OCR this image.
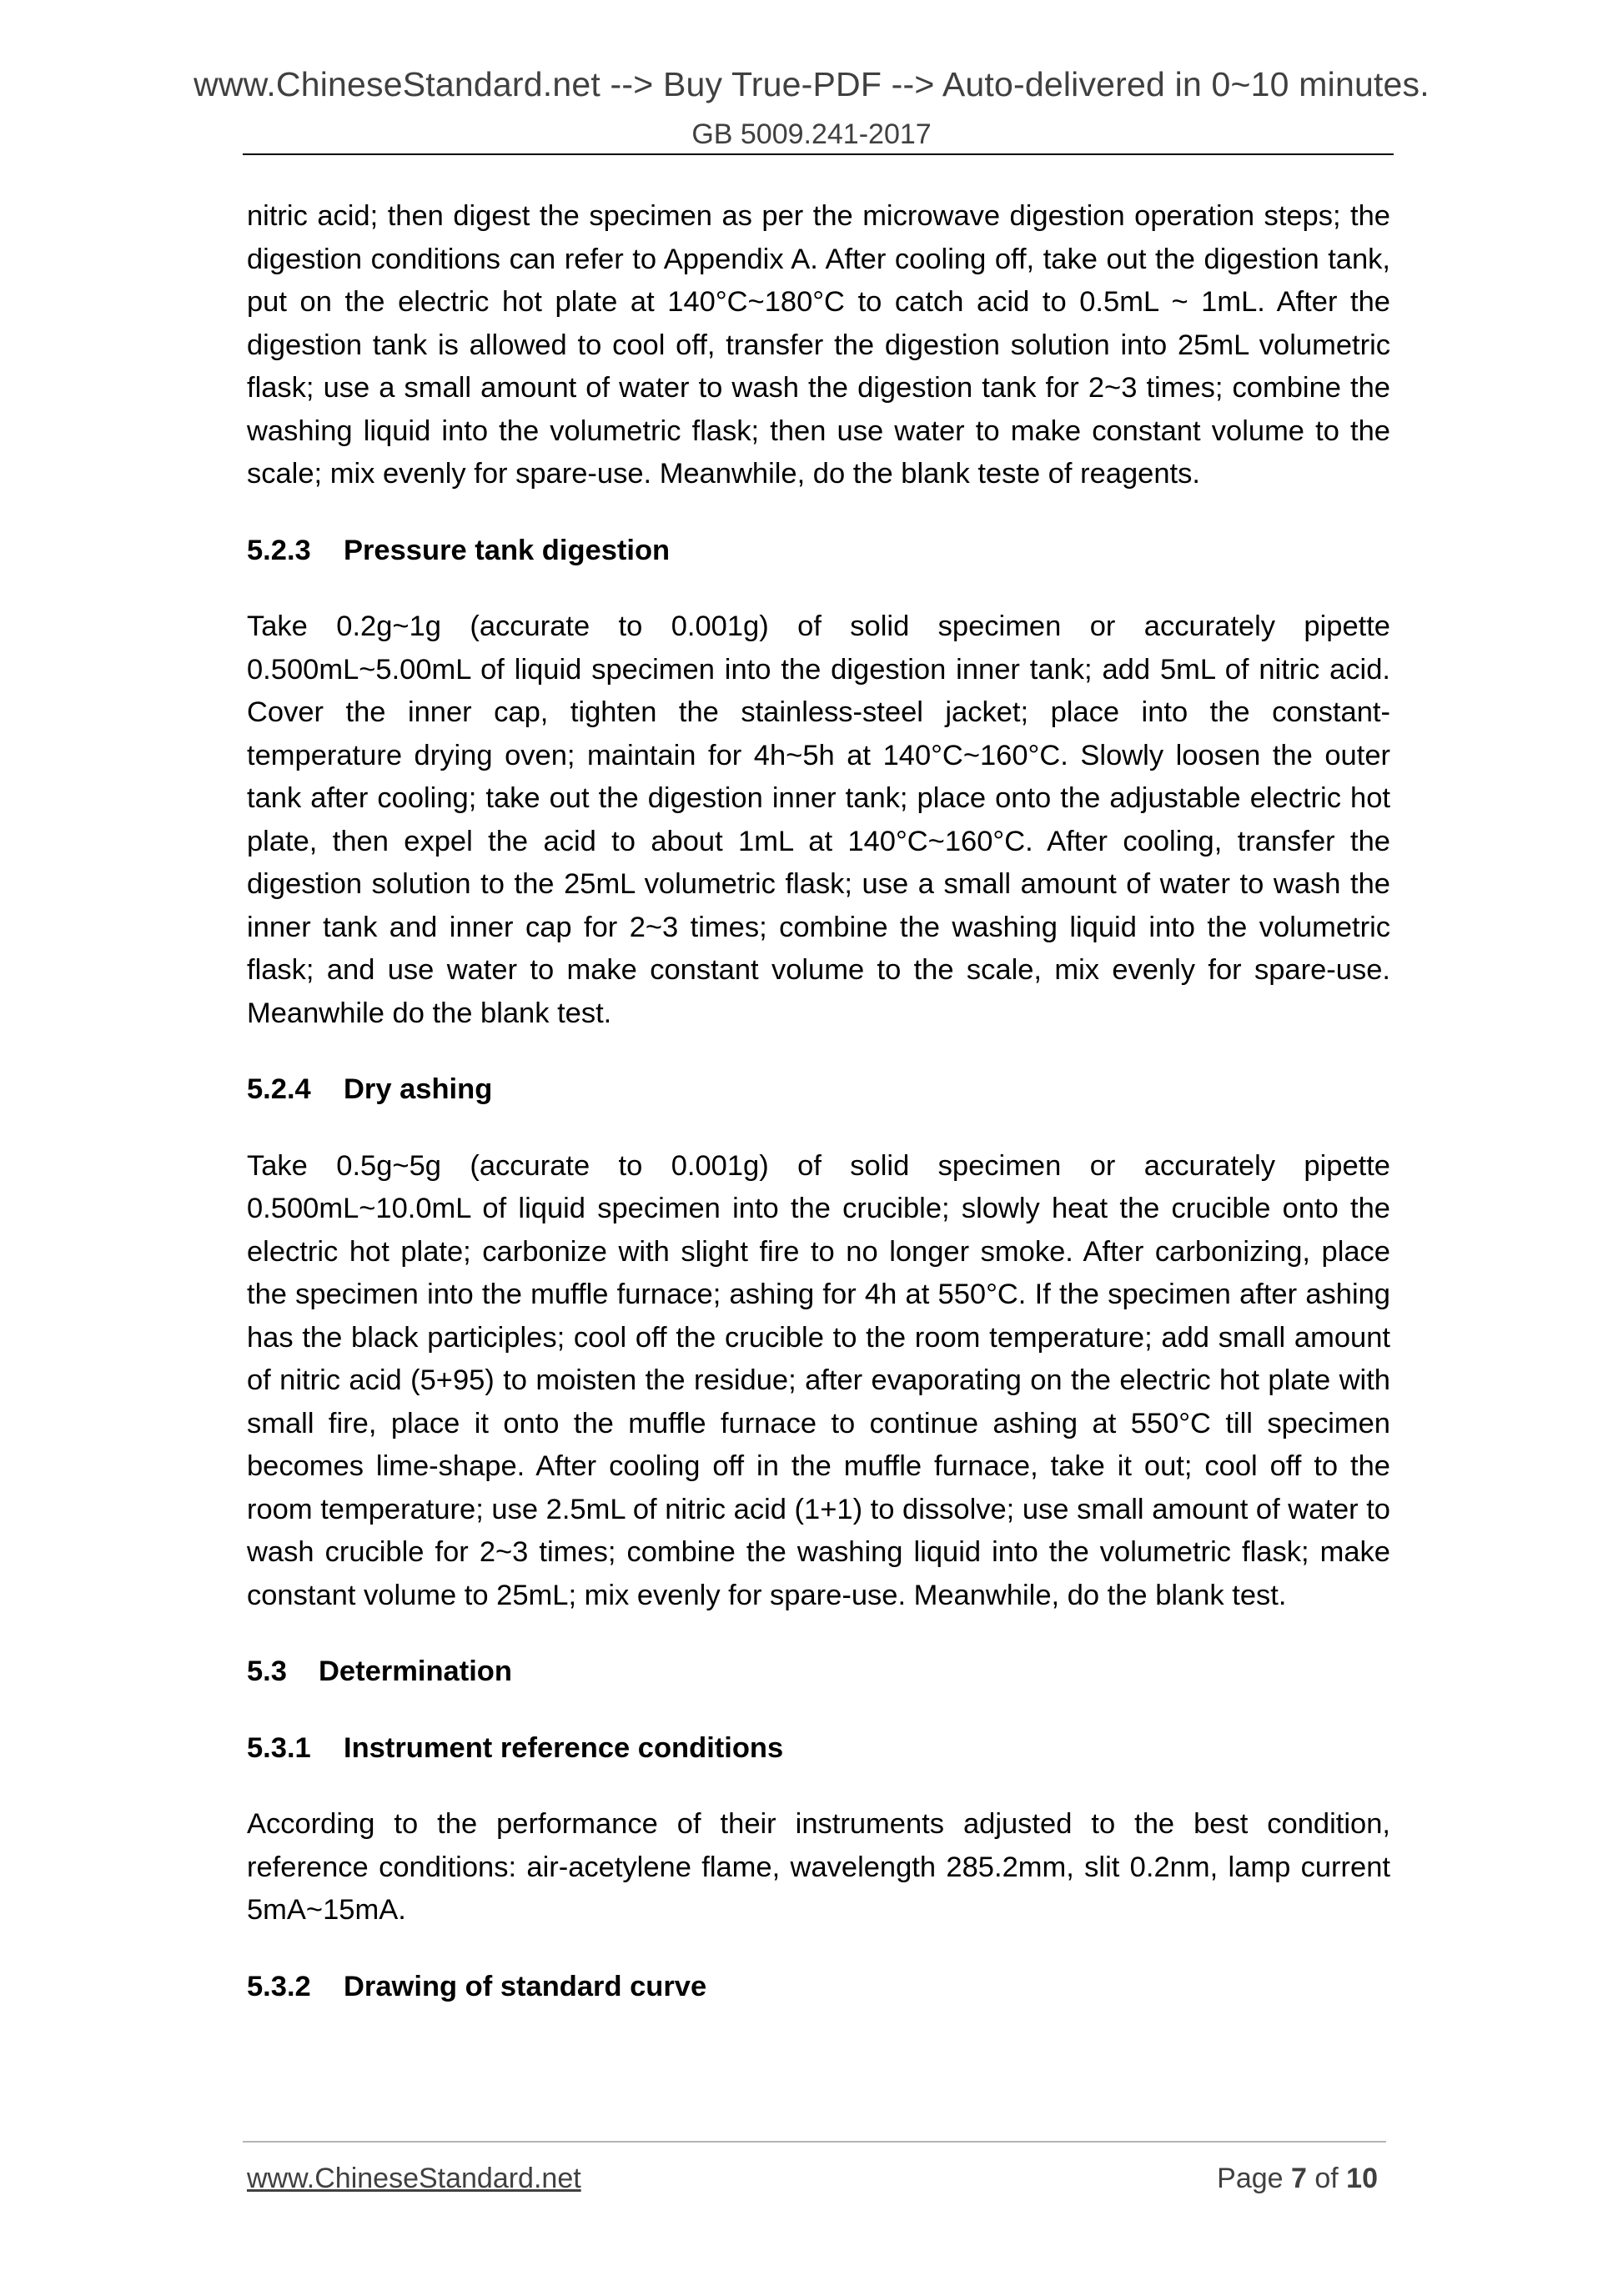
www.ChineseStandard.net --> Buy True-PDF --> Auto-delivered in 0~10 minutes.
GB 5009.241-2017

nitric acid; then digest the specimen as per the microwave digestion operation steps; the digestion conditions can refer to Appendix A. After cooling off, take out the digestion tank, put on the electric hot plate at 140°C~180°C to catch acid to 0.5mL ~ 1mL. After the digestion tank is allowed to cool off, transfer the digestion solution into 25mL volumetric flask; use a small amount of water to wash the digestion tank for 2~3 times; combine the washing liquid into the volumetric flask; then use water to make constant volume to the scale; mix evenly for spare-use. Meanwhile, do the blank teste of reagents.

5.2.3 Pressure tank digestion

Take 0.2g~1g (accurate to 0.001g) of solid specimen or accurately pipette 0.500mL~5.00mL of liquid specimen into the digestion inner tank; add 5mL of nitric acid. Cover the inner cap, tighten the stainless-steel jacket; place into the constant-temperature drying oven; maintain for 4h~5h at 140°C~160°C. Slowly loosen the outer tank after cooling; take out the digestion inner tank; place onto the adjustable electric hot plate, then expel the acid to about 1mL at 140°C~160°C. After cooling, transfer the digestion solution to the 25mL volumetric flask; use a small amount of water to wash the inner tank and inner cap for 2~3 times; combine the washing liquid into the volumetric flask; and use water to make constant volume to the scale, mix evenly for spare-use. Meanwhile do the blank test.

5.2.4 Dry ashing

Take 0.5g~5g (accurate to 0.001g) of solid specimen or accurately pipette 0.500mL~10.0mL of liquid specimen into the crucible; slowly heat the crucible onto the electric hot plate; carbonize with slight fire to no longer smoke. After carbonizing, place the specimen into the muffle furnace; ashing for 4h at 550°C. If the specimen after ashing has the black participles; cool off the crucible to the room temperature; add small amount of nitric acid (5+95) to moisten the residue; after evaporating on the electric hot plate with small fire, place it onto the muffle furnace to continue ashing at 550°C till specimen becomes lime-shape. After cooling off in the muffle furnace, take it out; cool off to the room temperature; use 2.5mL of nitric acid (1+1) to dissolve; use small amount of water to wash crucible for 2~3 times; combine the washing liquid into the volumetric flask; make constant volume to 25mL; mix evenly for spare-use. Meanwhile, do the blank test.

5.3 Determination
5.3.1 Instrument reference conditions

According to the performance of their instruments adjusted to the best condition, reference conditions: air-acetylene flame, wavelength 285.2mm, slit 0.2nm, lamp current 5mA~15mA.

5.3.2 Drawing of standard curve
www.ChineseStandard.net	Page 7 of 10
